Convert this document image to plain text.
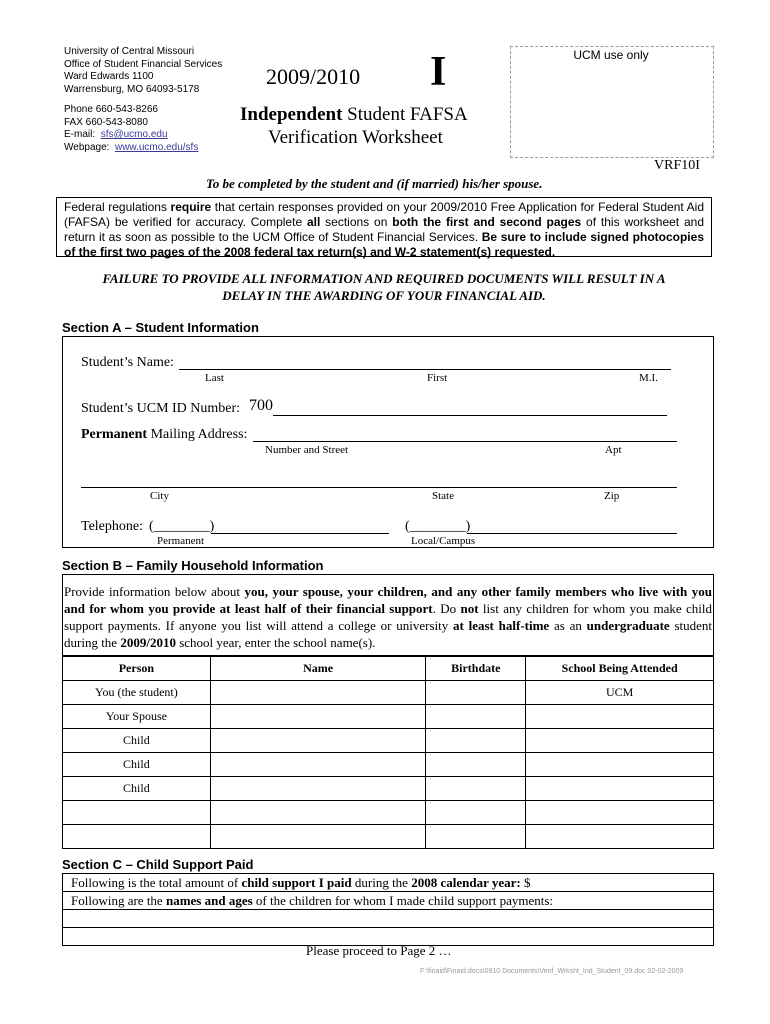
University of Central Missouri
Office of Student Financial Services
Ward Edwards 1100
Warrensburg, MO 64093-5178
Phone 660-543-8266
FAX 660-543-8080
E-mail: sfs@ucmo.edu
Webpage: www.ucmo.edu/sfs
2009/2010 I
Independent Student FAFSA
Verification Worksheet
UCM use only
VRF10I
To be completed by the student and (if married) his/her spouse.
Federal regulations require that certain responses provided on your 2009/2010 Free Application for Federal Student Aid (FAFSA) be verified for accuracy. Complete all sections on both the first and second pages of this worksheet and return it as soon as possible to the UCM Office of Student Financial Services. Be sure to include signed photocopies of the first two pages of the 2008 federal tax return(s) and W-2 statement(s) requested.
FAILURE TO PROVIDE ALL INFORMATION AND REQUIRED DOCUMENTS WILL RESULT IN A
DELAY IN THE AWARDING OF YOUR FINANCIAL AID.
Section A – Student Information
Student’s Name:
Last	First	M.I.
Student’s UCM ID Number: 700
Permanent Mailing Address:
Number and Street	Apt
City	State	Zip
Telephone: (________)	(________)
Permanent	Local/Campus
Section B – Family Household Information
Provide information below about you, your spouse, your children, and any other family members who live with you and for whom you provide at least half of their financial support. Do not list any children for whom you make child support payments. If anyone you list will attend a college or university at least half-time as an undergraduate student during the 2009/2010 school year, enter the school name(s).
Person	Name	Birthdate	School Being Attended
You (the student)			UCM
Your Spouse			
Child			
Child			
Child			

Section C – Child Support Paid
Following is the total amount of child support I paid during the 2008 calendar year: $
Following are the names and ages of the children for whom I made child support payments:
Please proceed to Page 2 …
F:\finaid\Finaid.docs\0910 Documents\Verif_Wrksht_Ind_Student_09.doc 02-02-2009
